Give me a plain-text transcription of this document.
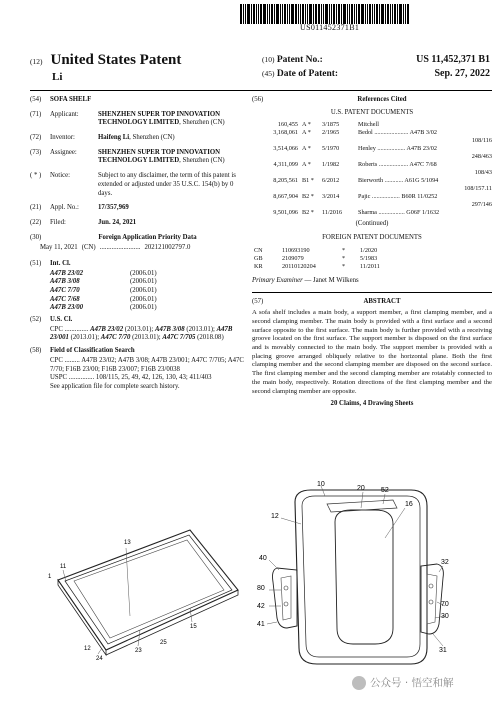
US011452371B1
(12) United States Patent
Li
(10) Patent No.:	US 11,452,371 B1
(45) Date of Patent:	Sep. 27, 2022
(54)	SOFA SHELF
(71)	Applicant:	SHENZHEN SUPER TOP INNOVATION TECHNOLOGY LIMITED, Shenzhen (CN)
(72)	Inventor:	Haifeng Li, Shenzhen (CN)
(73)	Assignee:	SHENZHEN SUPER TOP INNOVATION TECHNOLOGY LIMITED, Shenzhen (CN)
( * )	Notice:	Subject to any disclaimer, the term of this patent is extended or adjusted under 35 U.S.C. 154(b) by 0 days.
(21)	Appl. No.:	17/357,969
(22)	Filed:	Jun. 24, 2021
(30)	Foreign Application Priority Data
May 11, 2021 (CN) ........................ 202121002797.0
(51)	Int. Cl.
A47B 23/02	(2006.01)
A47B 3/08	(2006.01)
A47C 7/70	(2006.01)
A47C 7/68	(2006.01)
A47B 23/00	(2006.01)
(52)	U.S. Cl.
CPC .............. A47B 23/02 (2013.01); A47B 3/08 (2013.01); A47B 23/001 (2013.01); A47C 7/70 (2013.01); A47C 7/705 (2018.08)
(58)	Field of Classification Search
CPC ......... A47B 23/02; A47B 3/08; A47B 23/001; A47C 7/705; A47C 7/70; F16B 23/00; F16B 23/007; F16B 23/0038
USPC ............... 108/115, 25, 49, 42, 126, 130, 43; 411/403
See application file for complete search history.
(56)	References Cited
U.S. PATENT DOCUMENTS
160,455 A *	3/1875	Mitchell
3,168,061 A *	2/1965	Bedol ...................... A47B 3/02
108/116
3,514,066 A *	5/1970	Henley .................. A47B 23/02
248/463
4,311,099 A *	1/1982	Roberts ................... A47C 7/68
108/43
8,205,561 B1 *	6/2012	Bierworth ............ A61G 5/1094
108/157.11
8,667,904 B2 *	3/2014	Pajic .................. B60R 11/0252
297/146
9,501,096 B2 *	11/2016	Sharma ................. G06F 1/1632
(Continued)
FOREIGN PATENT DOCUMENTS
CN	110693190	*	1/2020
GB	2109079	*	5/1983
KR	20110120204	*	11/2011
Primary Examiner — Janet M Wilkens
(57)	ABSTRACT
A sofa shelf includes a main body, a support member, a first clamping member, and a second clamping member. The main body is provided with a first surface and a second surface opposite to the first surface. The main body is further provided with a receiving groove located on the first surface. The support member is disposed on the first surface and is movably connected to the main body. The support member is provided with a placing groove arranged obliquely relative to the horizontal plane. Both the first clamping member and the second clamping member are disposed on the second surface. The first clamping member and the second clamping member are rotatably connected to the main body, respectively. Rotation directions of the first clamping member and the second clamping member are opposite.
20 Claims, 4 Drawing Sheets
13
11
1
12
24
23
25
15
10
20 52
16
12
40
80
42
41
32
70
30
31
公众号 · 悟空和解
